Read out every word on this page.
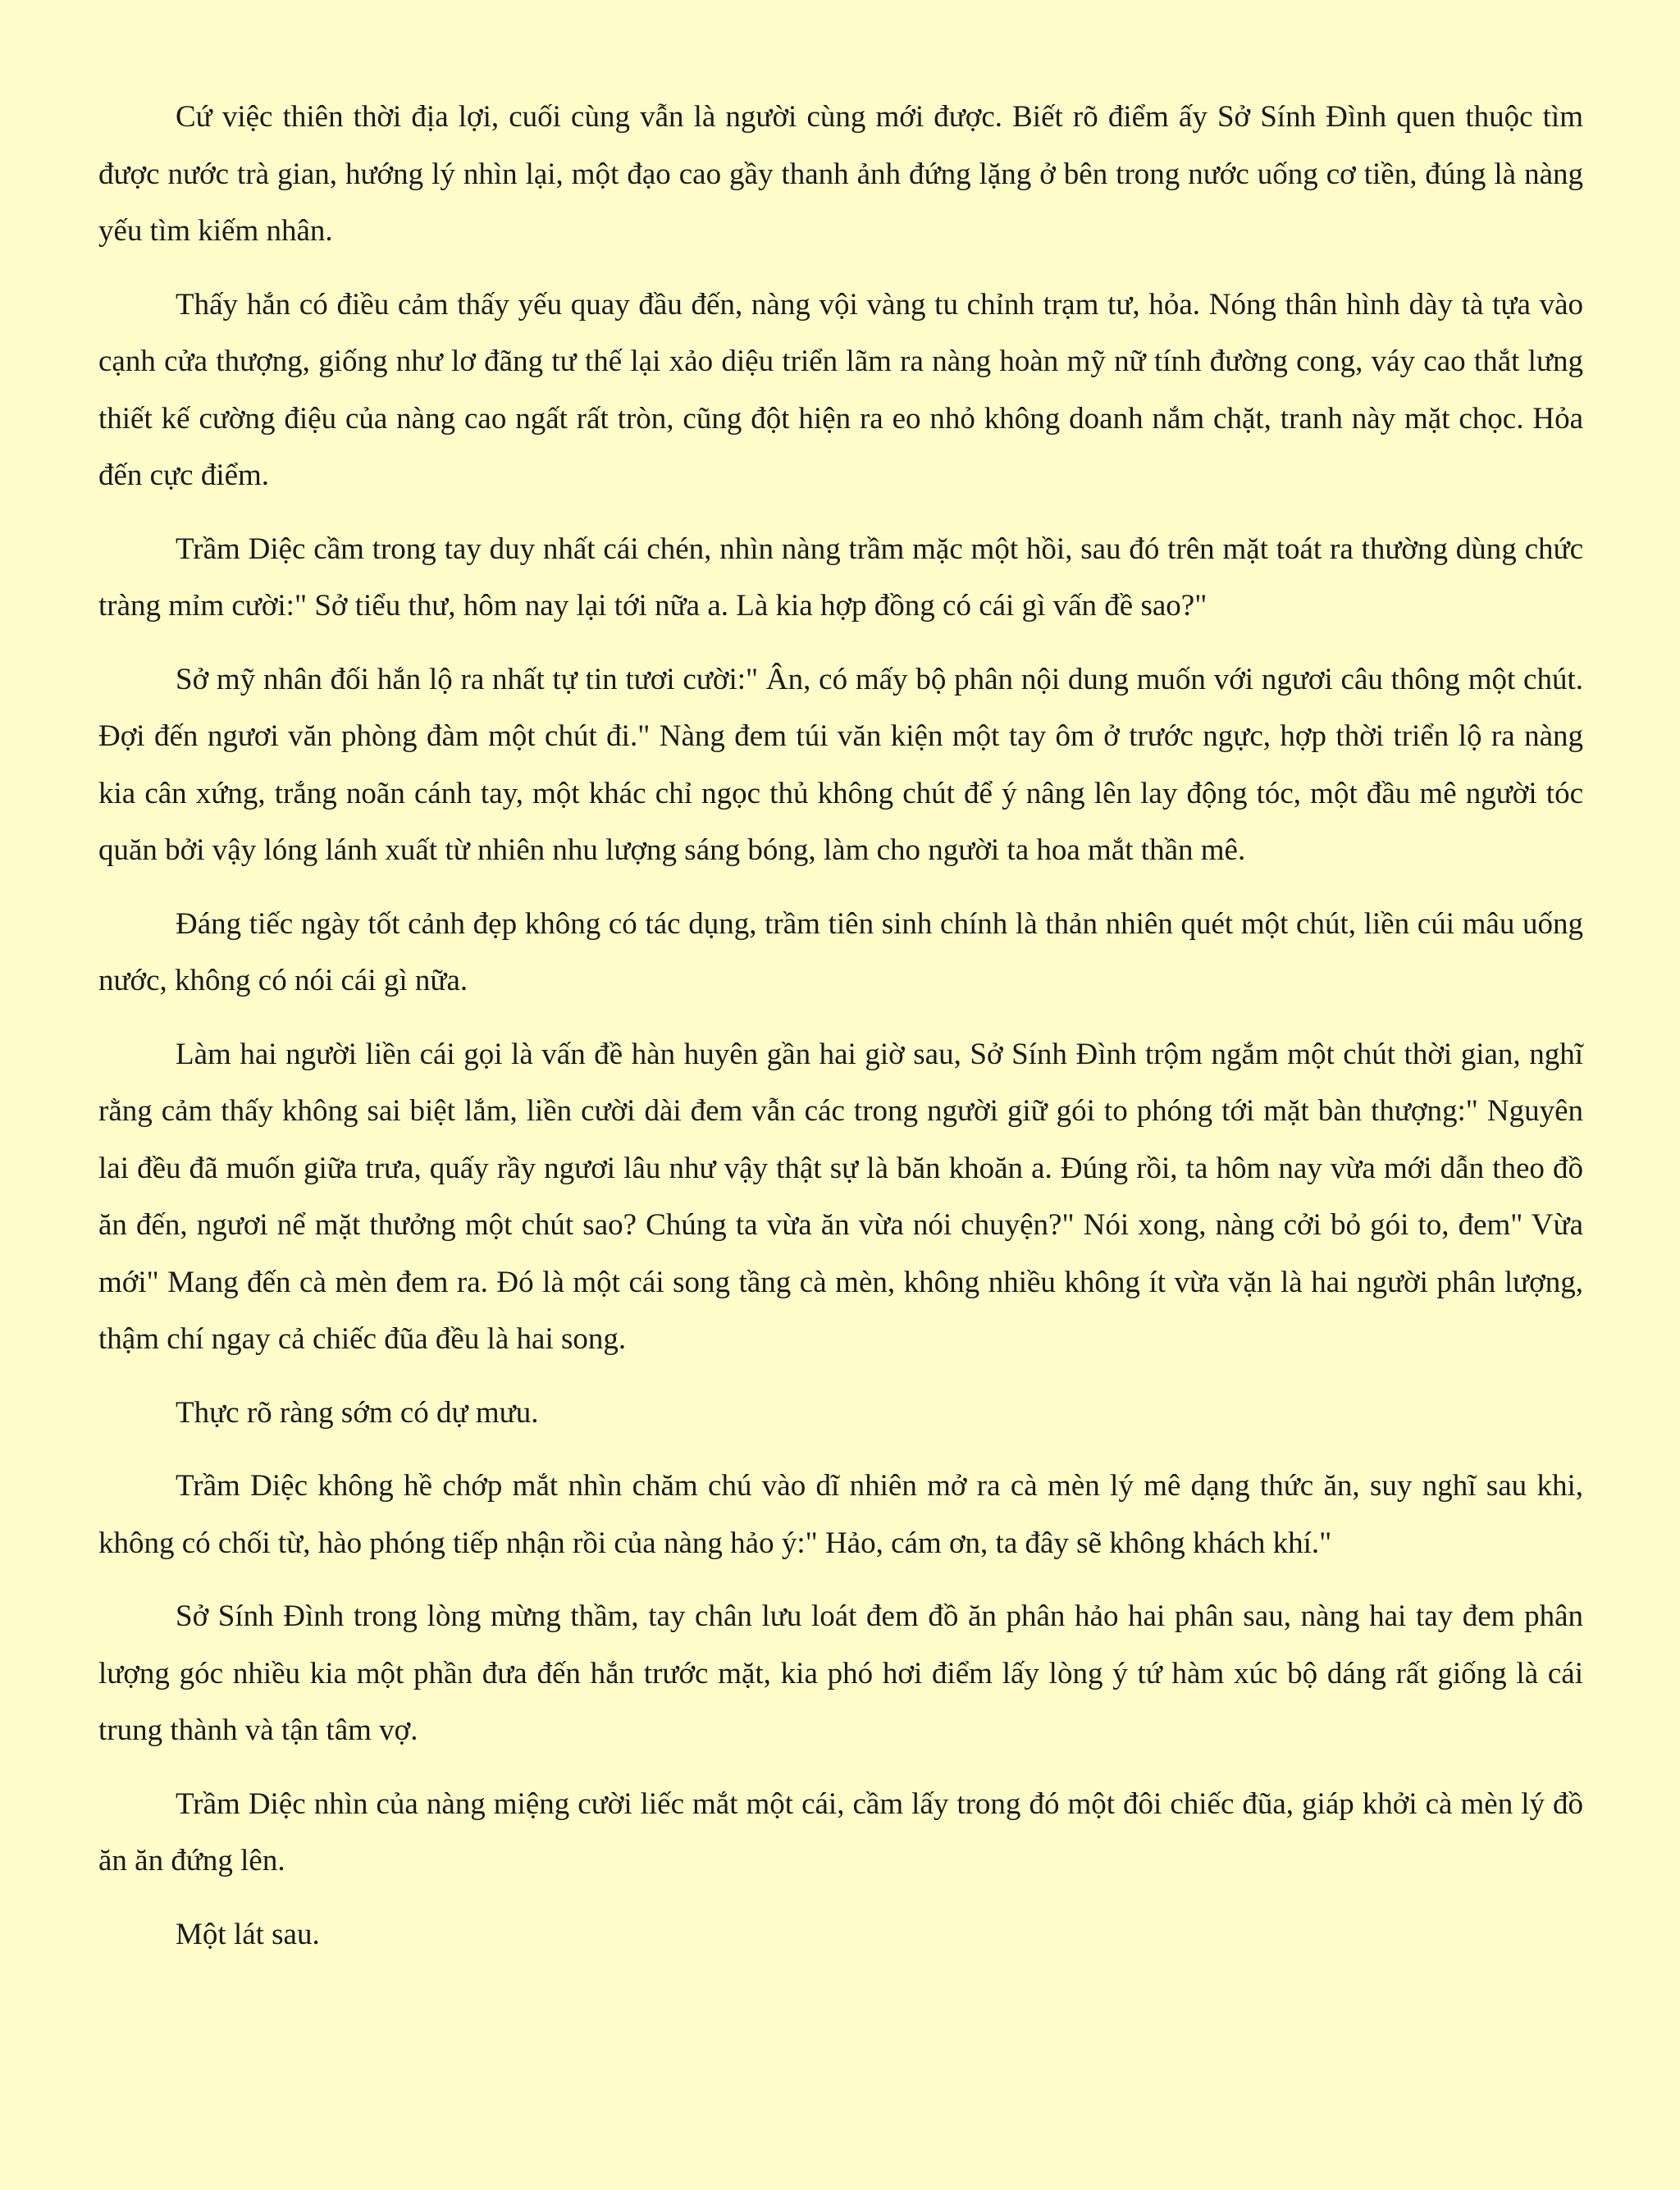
Cứ việc thiên thời địa lợi, cuối cùng vẫn là người cùng mới được. Biết rõ điểm ấy Sở Sính Đình quen thuộc tìm được nước trà gian, hướng lý nhìn lại, một đạo cao gầy thanh ảnh đứng lặng ở bên trong nước uống cơ tiền, đúng là nàng yếu tìm kiếm nhân.

Thấy hắn có điều cảm thấy yếu quay đầu đến, nàng vội vàng tu chỉnh trạm tư, hỏa. Nóng thân hình dày tà tựa vào cạnh cửa thượng, giống như lơ đãng tư thế lại xảo diệu triển lãm ra nàng hoàn mỹ nữ tính đường cong, váy cao thắt lưng thiết kế cường điệu của nàng cao ngất rất tròn, cũng đột hiện ra eo nhỏ không doanh nắm chặt, tranh này mặt chọc. Hỏa đến cực điểm.

Trầm Diệc cầm trong tay duy nhất cái chén, nhìn nàng trầm mặc một hồi, sau đó trên mặt toát ra thường dùng chức tràng mỉm cười:" Sở tiểu thư, hôm nay lại tới nữa a. Là kia hợp đồng có cái gì vấn đề sao?"

Sở mỹ nhân đối hắn lộ ra nhất tự tin tươi cười:" Ân, có mấy bộ phân nội dung muốn với ngươi câu thông một chút. Đợi đến ngươi văn phòng đàm một chút đi." Nàng đem túi văn kiện một tay ôm ở trước ngực, hợp thời triển lộ ra nàng kia cân xứng, trắng noãn cánh tay, một khác chỉ ngọc thủ không chút để ý nâng lên lay động tóc, một đầu mê người tóc quăn bởi vậy lóng lánh xuất từ nhiên nhu lượng sáng bóng, làm cho người ta hoa mắt thần mê.

Đáng tiếc ngày tốt cảnh đẹp không có tác dụng, trầm tiên sinh chính là thản nhiên quét một chút, liền cúi mâu uống nước, không có nói cái gì nữa.

Làm hai người liền cái gọi là vấn đề hàn huyên gần hai giờ sau, Sở Sính Đình trộm ngắm một chút thời gian, nghĩ rằng cảm thấy không sai biệt lắm, liền cười dài đem vẫn các trong người giữ gói to phóng tới mặt bàn thượng:" Nguyên lai đều đã muốn giữa trưa, quấy rầy ngươi lâu như vậy thật sự là băn khoăn a. Đúng rồi, ta hôm nay vừa mới dẫn theo đồ ăn đến, ngươi nể mặt thưởng một chút sao? Chúng ta vừa ăn vừa nói chuyện?" Nói xong, nàng cởi bỏ gói to, đem" Vừa mới" Mang đến cà mèn đem ra. Đó là một cái song tầng cà mèn, không nhiều không ít vừa vặn là hai người phân lượng, thậm chí ngay cả chiếc đũa đều là hai song.

Thực rõ ràng sớm có dự mưu.

Trầm Diệc không hề chớp mắt nhìn chăm chú vào dĩ nhiên mở ra cà mèn lý mê dạng thức ăn, suy nghĩ sau khi, không có chối từ, hào phóng tiếp nhận rồi của nàng hảo ý:" Hảo, cám ơn, ta đây sẽ không khách khí."

Sở Sính Đình trong lòng mừng thầm, tay chân lưu loát đem đồ ăn phân hảo hai phân sau, nàng hai tay đem phân lượng góc nhiều kia một phần đưa đến hắn trước mặt, kia phó hơi điểm lấy lòng ý tứ hàm xúc bộ dáng rất giống là cái trung thành và tận tâm vợ.

Trầm Diệc nhìn của nàng miệng cười liếc mắt một cái, cầm lấy trong đó một đôi chiếc đũa, giáp khởi cà mèn lý đồ ăn ăn đứng lên.

Một lát sau.
